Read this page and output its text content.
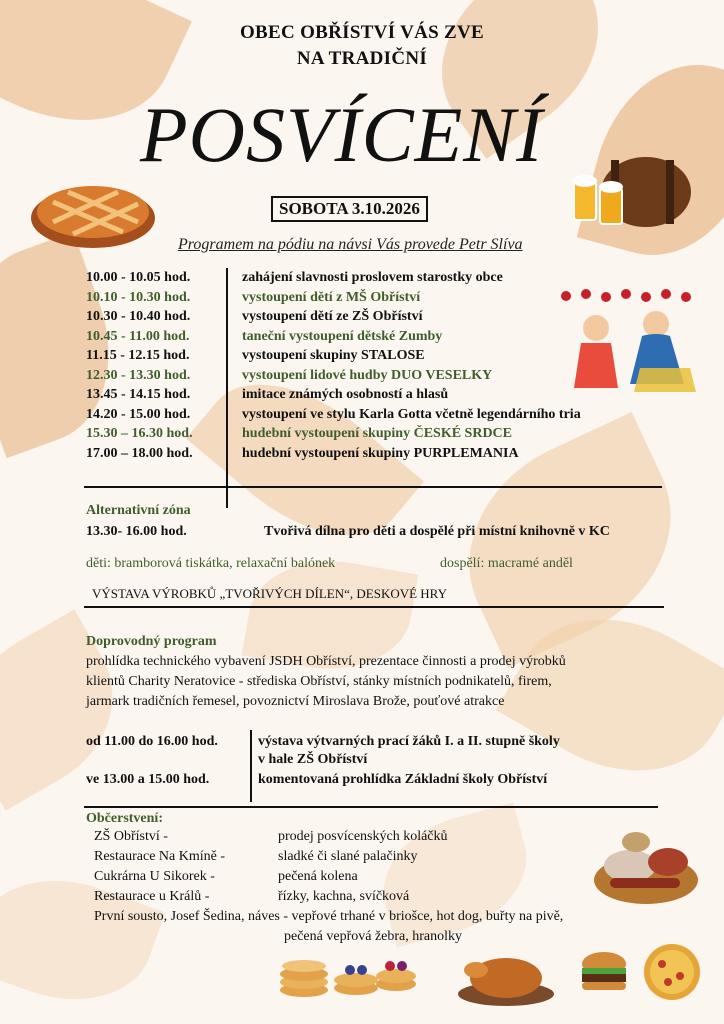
OBEC OBŘÍSTVÍ VÁS ZVE
NA TRADIČNÍ
POSVÍCENÍ
SOBOTA 3.10.2026
Programem na pódiu na návsi Vás provede Petr Slíva
10.00 - 10.05 hod.	zahájení slavnosti proslovem starostky obce
10.10 - 10.30 hod.	vystoupení dětí z MŠ Obříství
10.30 - 10.40 hod.	vystoupení dětí ze ZŠ Obříství
10.45 - 11.00 hod.	taneční vystoupení dětské Zumby
11.15 - 12.15 hod.	vystoupení skupiny STALOSE
12.30 - 13.30 hod.	vystoupení lidové hudby DUO VESELKY
13.45 - 14.15 hod.	imitace známých osobností a hlasů
14.20 - 15.00 hod.	vystoupení ve stylu Karla Gotta včetně legendárního tria
15.30 – 16.30 hod.	hudební vystoupení skupiny ČESKÉ SRDCE
17.00 – 18.00 hod.	hudební vystoupení skupiny PURPLEMANIA
Alternativní zóna
13.30- 16.00 hod.	Tvořivá dílna pro děti a dospělé při místní knihovně v KC
děti: bramborová tiskátka, relaxační balónek	dospělí: macramé anděl
VÝSTAVA VÝROBKŮ „TVOŘIVÝCH DÍLEN“, DESKOVÉ HRY
Doprovodný program
prohlídka technického vybavení JSDH Obříství, prezentace činnosti a prodej výrobků
klientů Charity Neratovice - střediska Obříství, stánky místních podnikatelů, firem,
jarmark tradičních řemesel, povoznictví Miroslava Brože, pouťové atrakce
od 11.00 do 16.00 hod.	výstava výtvarných prací žáků I. a II. stupně školy
v hale ZŠ Obříství
ve 13.00 a 15.00 hod.	komentovaná prohlídka Základní školy Obříství
Občerstvení:
ZŠ Obříství -	prodej posvícenských koláčků
Restaurace Na Kmíně -	sladké či slané palačinky
Cukrárna U Sikorek -	pečená kolena
Restaurace u Králů -	řízky, kachna, svíčková
První sousto, Josef Šedina, náves - vepřové trhané v briošce, hot dog, buřty na pivě,
pečená vepřová žebra, hranolky
